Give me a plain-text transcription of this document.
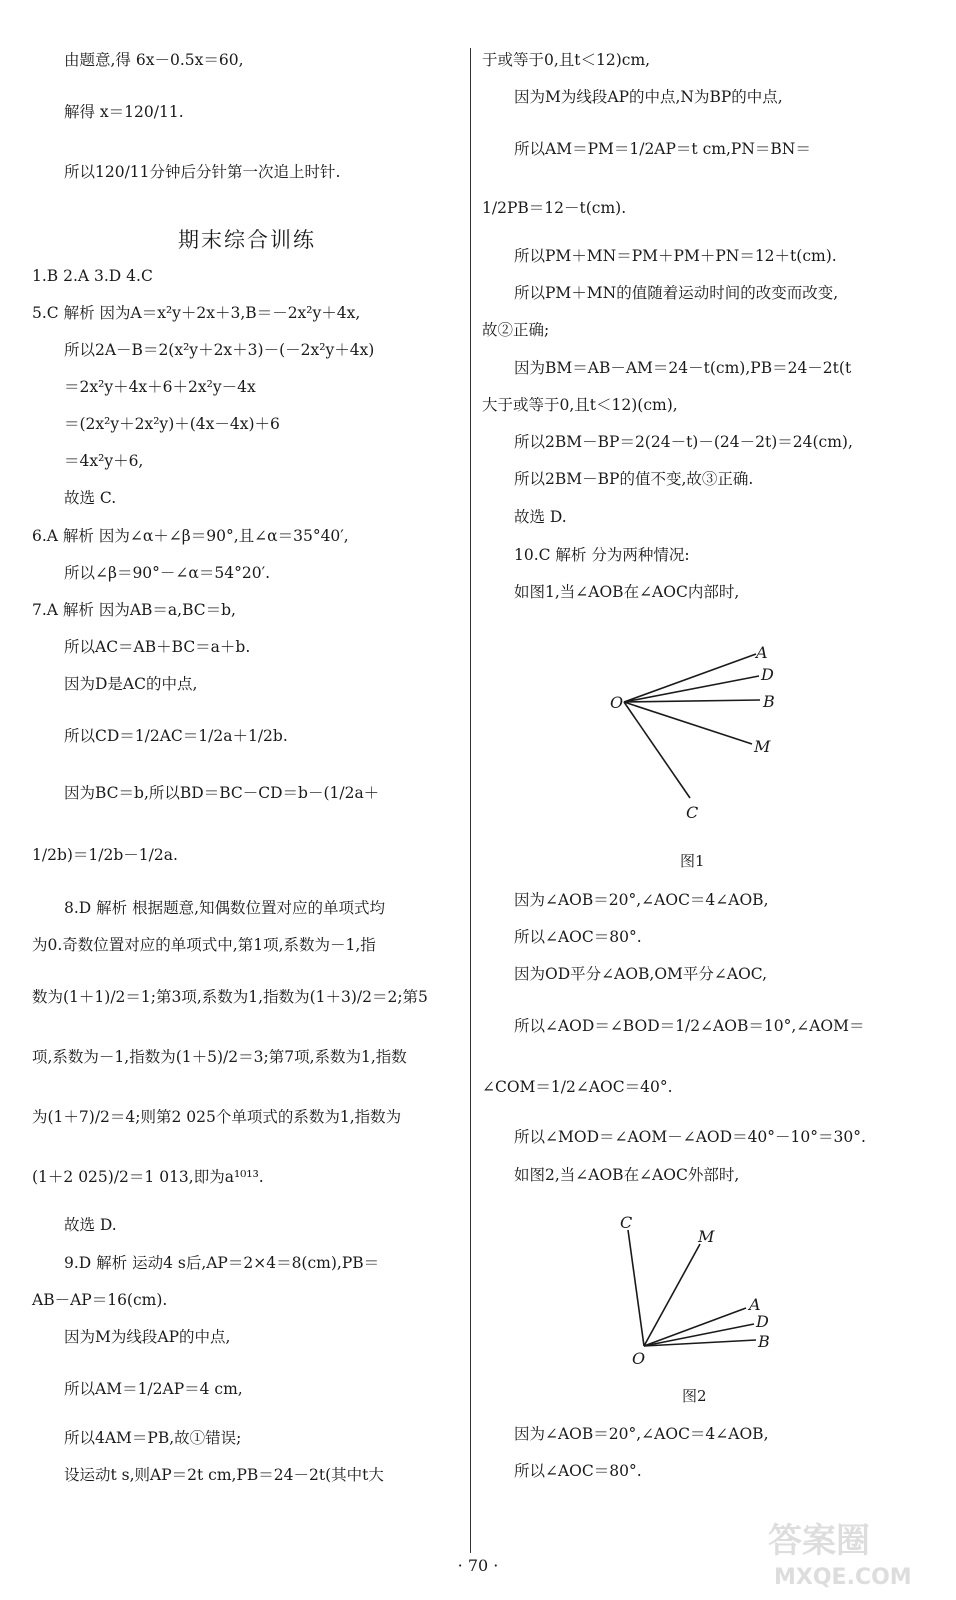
由题意,得 6x－0.5x＝60,
解得 x＝120/11.
所以120/11分钟后分针第一次追上时针.
1.B 2.A 3.D 4.C
5.C 解析 因为A＝x²y＋2x＋3,B＝－2x²y＋4x,
所以2A－B＝2(x²y＋2x＋3)－(－2x²y＋4x)
＝2x²y＋4x＋6＋2x²y－4x
＝(2x²y＋2x²y)＋(4x－4x)＋6
＝4x²y＋6,
故选 C.
6.A 解析 因为∠α＋∠β＝90°,且∠α＝35°40′,
所以∠β＝90°－∠α＝54°20′.
7.A 解析 因为AB＝a,BC＝b,
所以AC＝AB＋BC＝a＋b.
因为D是AC的中点,
所以CD＝1/2AC＝1/2a＋1/2b.
因为BC＝b,所以BD＝BC－CD＝b－(1/2a＋
1/2b)＝1/2b－1/2a.
8.D 解析 根据题意,知偶数位置对应的单项式均
为0.奇数位置对应的单项式中,第1项,系数为－1,指
数为(1＋1)/2＝1;第3项,系数为1,指数为(1＋3)/2＝2;第5
项,系数为－1,指数为(1＋5)/2＝3;第7项,系数为1,指数
为(1＋7)/2＝4;则第2 025个单项式的系数为1,指数为
(1＋2 025)/2＝1 013,即为a¹⁰¹³.
故选 D.
9.D 解析 运动4 s后,AP＝2×4＝8(cm),PB＝
AB－AP＝16(cm).
因为M为线段AP的中点,
所以AM＝1/2AP＝4 cm,
所以4AM＝PB,故①错误;
设运动t s,则AP＝2t cm,PB＝24－2t(其中t大
于或等于0,且t＜12)cm,
因为M为线段AP的中点,N为BP的中点,
所以AM＝PM＝1/2AP＝t cm,PN＝BN＝
1/2PB＝12－t(cm).
所以PM＋MN＝PM＋PM＋PN＝12＋t(cm).
所以PM＋MN的值随着运动时间的改变而改变,
故②正确;
因为BM＝AB－AM＝24－t(cm),PB＝24－2t(t
大于或等于0,且t＜12)(cm),
所以2BM－BP＝2(24－t)－(24－2t)＝24(cm),
所以2BM－BP的值不变,故③正确.
故选 D.
10.C 解析 分为两种情况:
如图1,当∠AOB在∠AOC内部时,
因为∠AOB＝20°,∠AOC＝4∠AOB,
所以∠AOC＝80°.
因为OD平分∠AOB,OM平分∠AOC,
所以∠AOD＝∠BOD＝1/2∠AOB＝10°,∠AOM＝
∠COM＝1/2∠AOC＝40°.
所以∠MOD＝∠AOM－∠AOD＝40°－10°＝30°.
如图2,当∠AOB在∠AOC外部时,
因为∠AOB＝20°,∠AOC＝4∠AOB,
所以∠AOC＝80°.
期末综合训练
O
A
D
B
M
C
图1
C
M
A
D
B
O
图2
· 70 ·
答案圈
MXQE.COM
